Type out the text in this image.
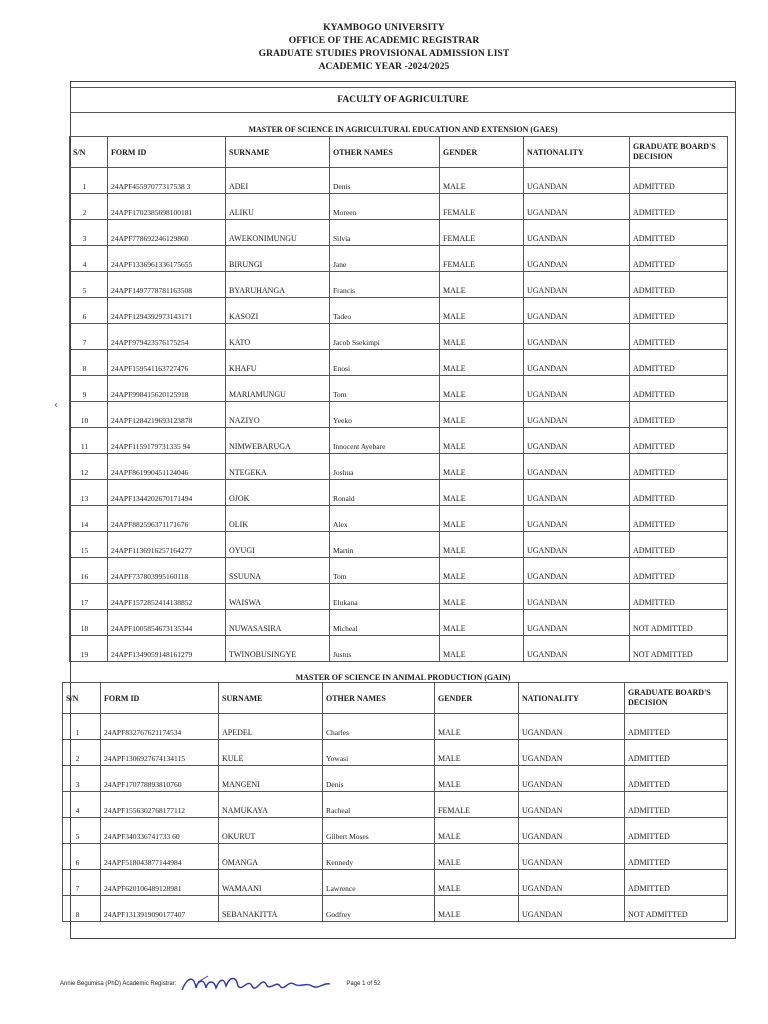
KYAMBOGO UNIVERSITY
OFFICE OF THE ACADEMIC REGISTRAR
GRADUATE STUDIES PROVISIONAL ADMISSION LIST
ACADEMIC YEAR -2024/2025
‹
FACULTY OF AGRICULTURE
MASTER OF SCIENCE IN AGRICULTURAL EDUCATION AND EXTENSION (GAES)
S/N	FORM ID	SURNAME	OTHER NAMES	GENDER	NATIONALITY	GRADUATE BOARD'S DECISION
1	24APF45597077317538 3	ADEI	Denis	MALE	UGANDAN	ADMITTED
2	24APF1702385698100181	ALIKU	Moreen	FEMALE	UGANDAN	ADMITTED
3	24APF778692246129860	AWEKONIMUNGU	Silvia	FEMALE	UGANDAN	ADMITTED
4	24APF1336961336175655	BIRUNGI	Jane	FEMALE	UGANDAN	ADMITTED
5	24APF1497778781163508	BYARUHANGA	Francis	MALE	UGANDAN	ADMITTED
6	24APF1294392973143171	KASOZI	Tadeo	MALE	UGANDAN	ADMITTED
7	24APF979423576175254	KATO	Jacob Ssekimpi	MALE	UGANDAN	ADMITTED
8	24APF159541163727476	KHAFU	Enosi	MALE	UGANDAN	ADMITTED
9	24APF998415620125918	MARIAMUNGU	Tom	MALE	UGANDAN	ADMITTED
10	24APF1284219693123878	NAZIYO	Yeeko	MALE	UGANDAN	ADMITTED
11	24APF1159179731335 94	NIMWEBARUGA	Innocent Ayebare	MALE	UGANDAN	ADMITTED
12	24APF861990451124046	NTEGEKA	Joshua	MALE	UGANDAN	ADMITTED
13	24APF1344202670171494	OJOK	Ronald	MALE	UGANDAN	ADMITTED
14	24APF882596371171676	OLIK	Alex	MALE	UGANDAN	ADMITTED
15	24APF1136916257164277	OYUGI	Martin	MALE	UGANDAN	ADMITTED
16	24APF737803995160118	SSUUNA	Tom	MALE	UGANDAN	ADMITTED
17	24APF1572852414138852	WAISWA	Elukana	MALE	UGANDAN	ADMITTED
18	24APF1005854673135344	NUWASASIRA	Micheal	MALE	UGANDAN	NOT ADMITTED
19	24APF1349059148161279	TWINOBUSINGYE	Justus	MALE	UGANDAN	NOT ADMITTED
MASTER OF SCIENCE IN ANIMAL PRODUCTION (GAIN)
S/N	FORM ID	SURNAME	OTHER NAMES	GENDER	NATIONALITY	GRADUATE BOARD'S DECISION
1	24APF832767621174534	APEDEL	Charles	MALE	UGANDAN	ADMITTED
2	24APF1306927674134115	KULE	Yowasi	MALE	UGANDAN	ADMITTED
3	24APF170778893810760	MANGENI	Denis	MALE	UGANDAN	ADMITTED
4	24APF1556302768177112	NAMUKAYA	Racheal	FEMALE	UGANDAN	ADMITTED
5	24APF340336741733 60	OKURUT	Gilbert Moses	MALE	UGANDAN	ADMITTED
6	24APF518043877144984	OMANGA	Kennedy	MALE	UGANDAN	ADMITTED
7	24APF620106489128981	WAMAANI	Lawrence	MALE	UGANDAN	ADMITTED
8	24APF1313919090177407	SEBANAKITTA	Godfrey	MALE	UGANDAN	NOT ADMITTED
Annie Begumisa (PhD) Academic Registrar:	Page 1 of 52
